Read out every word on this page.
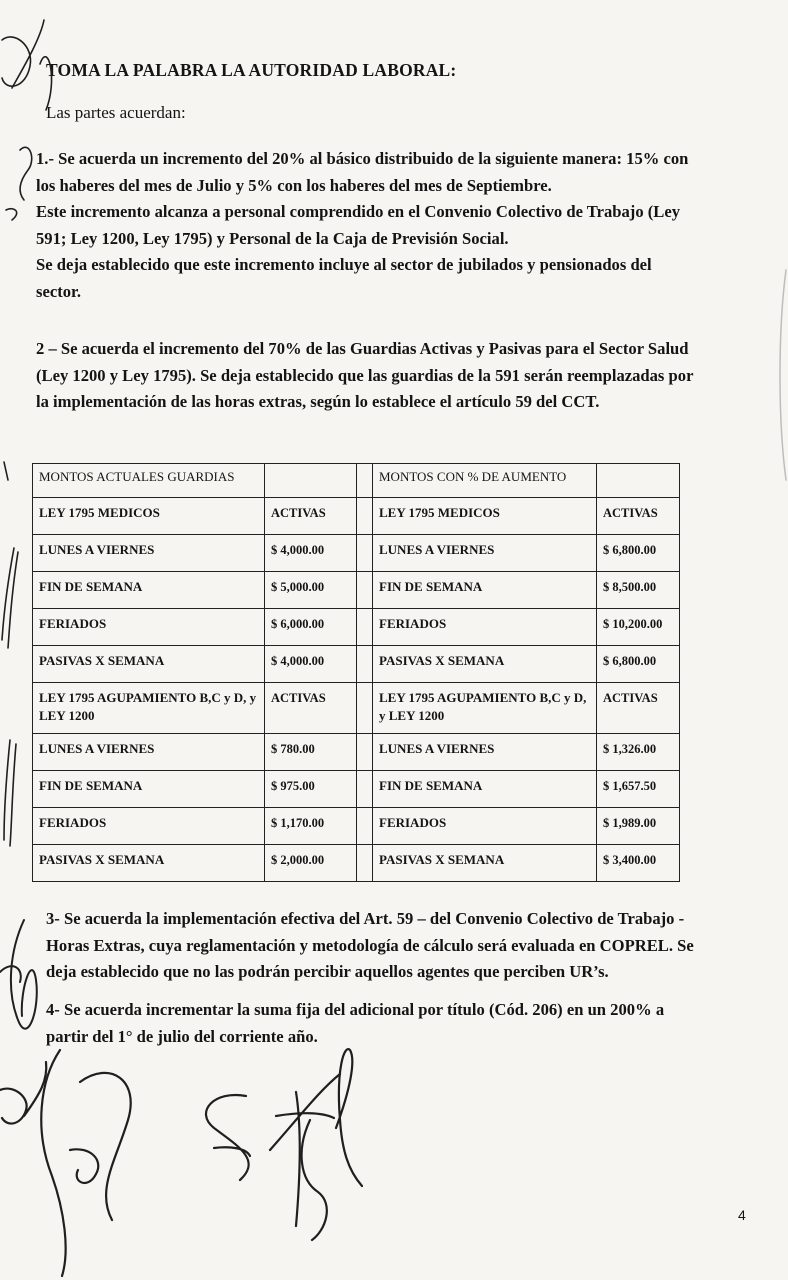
TOMA LA PALABRA LA AUTORIDAD LABORAL:
Las partes acuerdan:

1.- Se acuerda un incremento del 20% al básico distribuido de la siguiente manera: 15% con
los haberes del mes de Julio y 5% con los haberes del mes de Septiembre.
Este incremento alcanza a personal comprendido en el Convenio Colectivo de Trabajo (Ley
591; Ley 1200, Ley 1795) y Personal de la Caja de Previsión Social.
Se deja establecido que este incremento incluye al sector de jubilados y pensionados del
sector.

2 – Se acuerda el incremento del 70% de las Guardias Activas y Pasivas para el Sector Salud
(Ley 1200 y Ley 1795). Se deja establecido que las guardias de la 591 serán reemplazadas por
la implementación de las horas extras, según lo establece el artículo 59 del CCT.

MONTOS ACTUALES GUARDIAS			MONTOS CON % DE AUMENTO	
LEY 1795 MEDICOS	ACTIVAS		LEY 1795 MEDICOS	ACTIVAS
LUNES A VIERNES	$ 4,000.00		LUNES A VIERNES	$ 6,800.00
FIN DE SEMANA	$ 5,000.00		FIN DE SEMANA	$ 8,500.00
FERIADOS	$ 6,000.00		FERIADOS	$ 10,200.00
PASIVAS X SEMANA	$ 4,000.00		PASIVAS X SEMANA	$ 6,800.00
LEY 1795 AGUPAMIENTO B,C y D, y LEY 1200	ACTIVAS		LEY 1795 AGUPAMIENTO B,C y D, y LEY 1200	ACTIVAS
LUNES A VIERNES	$ 780.00		LUNES A VIERNES	$ 1,326.00
FIN DE SEMANA	$ 975.00		FIN DE SEMANA	$ 1,657.50
FERIADOS	$ 1,170.00		FERIADOS	$ 1,989.00
PASIVAS X SEMANA	$ 2,000.00		PASIVAS X SEMANA	$ 3,400.00

3- Se acuerda la implementación efectiva del Art. 59 – del Convenio Colectivo de Trabajo -
Horas Extras, cuya reglamentación y metodología de cálculo será evaluada en COPREL. Se
deja establecido que no las podrán percibir aquellos agentes que perciben UR’s.

4- Se acuerda incrementar la suma fija del adicional por título (Cód. 206) en un 200% a
partir del 1° de julio del corriente año.

4
